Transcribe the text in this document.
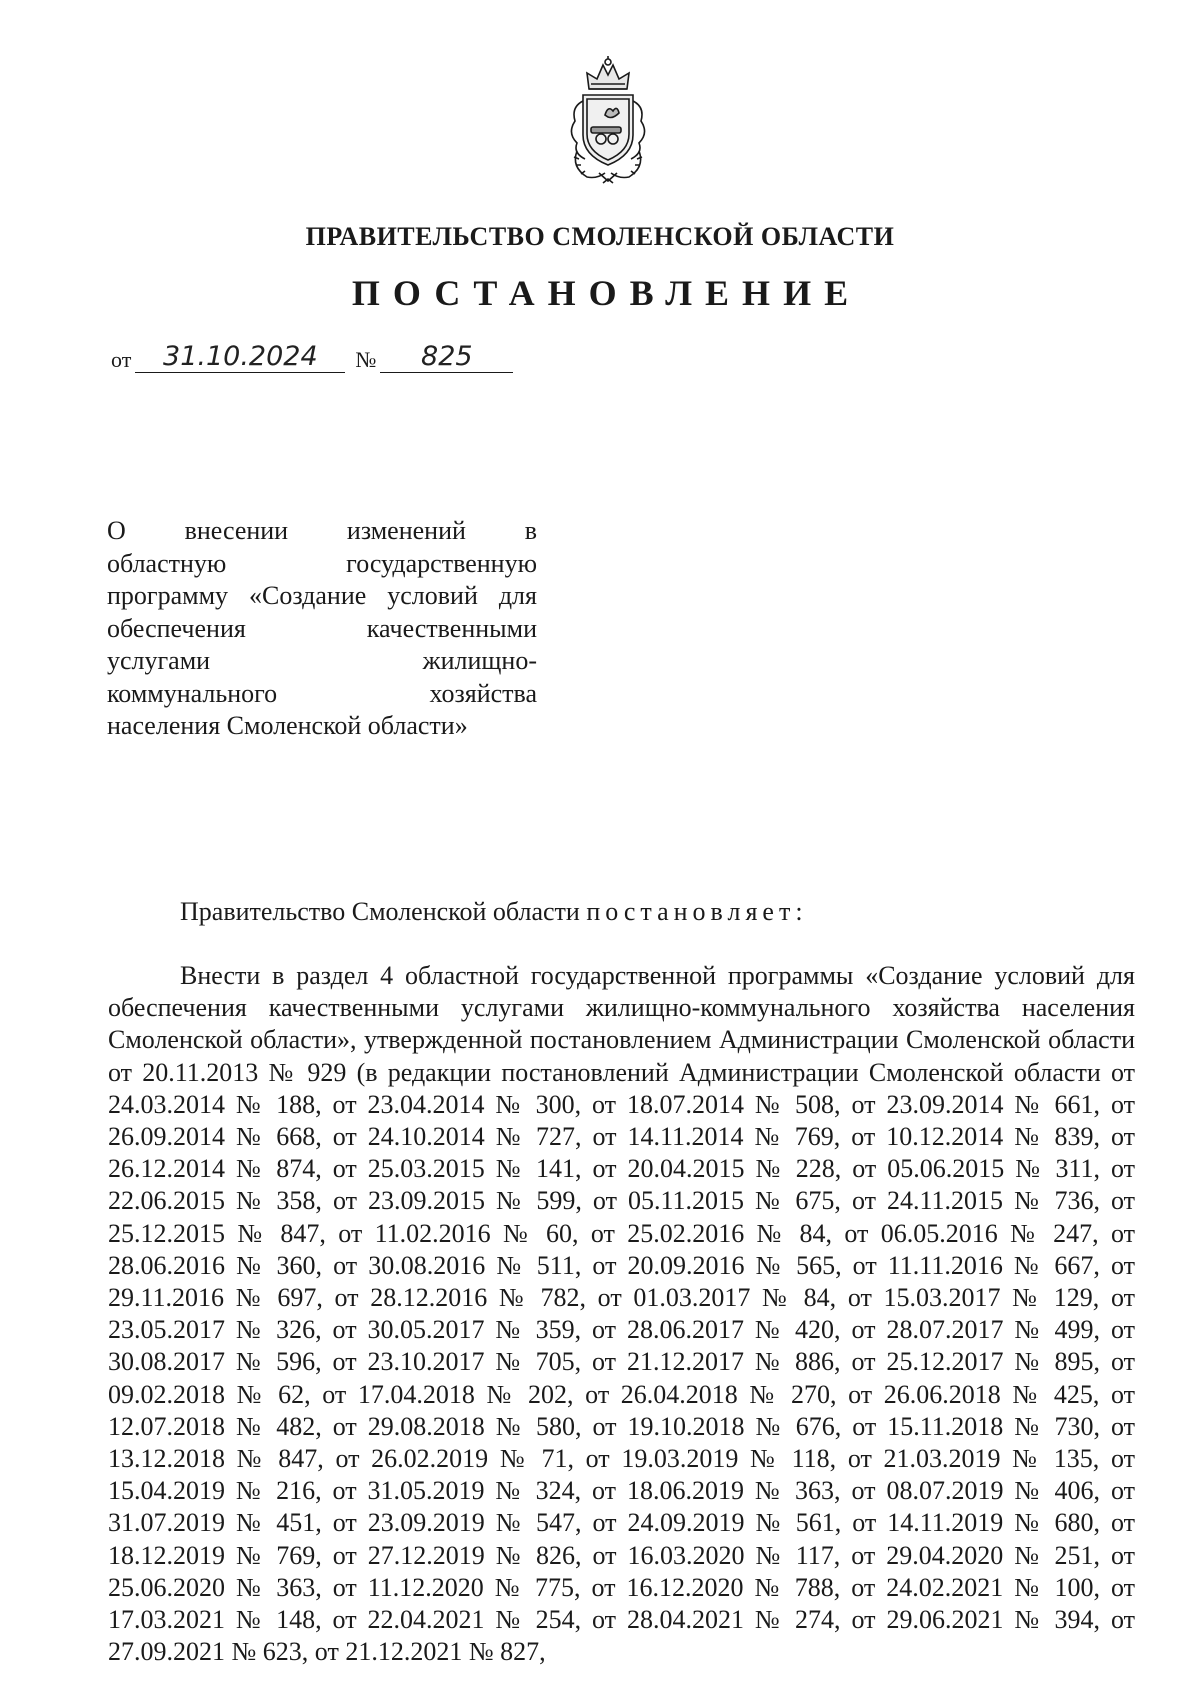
ПРАВИТЕЛЬСТВО СМОЛЕНСКОЙ ОБЛАСТИ
ПОСТАНОВЛЕНИЕ
от 31.10.2024 № 825
О внесении изменений в
областную государственную
программу «Создание условий для
обеспечения качественными
услугами жилищно-
коммунального хозяйства
населения Смоленской области»
Правительство Смоленской области постановляет:

Внести в раздел 4 областной государственной программы «Создание условий для обеспечения качественными услугами жилищно-коммунального хозяйства населения Смоленской области», утвержденной постановлением Администрации Смоленской области от 20.11.2013 № 929 (в редакции постановлений Администрации Смоленской области от 24.03.2014 № 188, от 23.04.2014 № 300, от 18.07.2014 № 508, от 23.09.2014 № 661, от 26.09.2014 № 668, от 24.10.2014 № 727, от 14.11.2014 № 769, от 10.12.2014 № 839, от 26.12.2014 № 874, от 25.03.2015 № 141, от 20.04.2015 № 228, от 05.06.2015 № 311, от 22.06.2015 № 358, от 23.09.2015 № 599, от 05.11.2015 № 675, от 24.11.2015 № 736, от 25.12.2015 № 847, от 11.02.2016 № 60, от 25.02.2016 № 84, от 06.05.2016 № 247, от 28.06.2016 № 360, от 30.08.2016 № 511, от 20.09.2016 № 565, от 11.11.2016 № 667, от 29.11.2016 № 697, от 28.12.2016 № 782, от 01.03.2017 № 84, от 15.03.2017 № 129, от 23.05.2017 № 326, от 30.05.2017 № 359, от 28.06.2017 № 420, от 28.07.2017 № 499, от 30.08.2017 № 596, от 23.10.2017 № 705, от 21.12.2017 № 886, от 25.12.2017 № 895, от 09.02.2018 № 62, от 17.04.2018 № 202, от 26.04.2018 № 270, от 26.06.2018 № 425, от 12.07.2018 № 482, от 29.08.2018 № 580, от 19.10.2018 № 676, от 15.11.2018 № 730, от 13.12.2018 № 847, от 26.02.2019 № 71, от 19.03.2019 № 118, от 21.03.2019 № 135, от 15.04.2019 № 216, от 31.05.2019 № 324, от 18.06.2019 № 363, от 08.07.2019 № 406, от 31.07.2019 № 451, от 23.09.2019 № 547, от 24.09.2019 № 561, от 14.11.2019 № 680, от 18.12.2019 № 769, от 27.12.2019 № 826, от 16.03.2020 № 117, от 29.04.2020 № 251, от 25.06.2020 № 363, от 11.12.2020 № 775, от 16.12.2020 № 788, от 24.02.2021 № 100, от 17.03.2021 № 148, от 22.04.2021 № 254, от 28.04.2021 № 274, от 29.06.2021 № 394, от 27.09.2021 № 623, от 21.12.2021 № 827,
